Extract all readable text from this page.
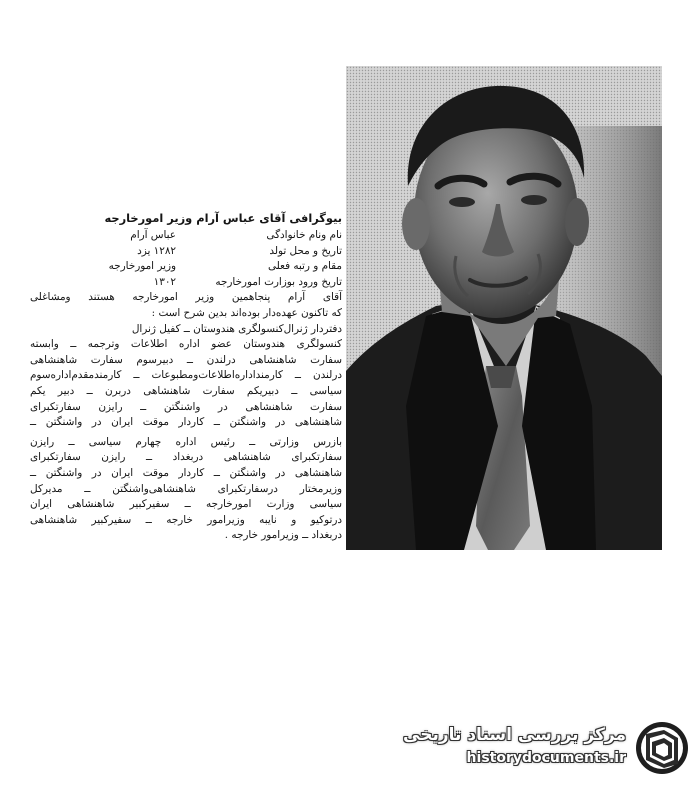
بیوگرافی آقای عباس آرام وزیر امورخارجه
نام ونام خانوادگی
عباس آرام
تاریخ و محل تولد
۱۲۸۲ یزد
مقام و رتبه فعلی
وزیر امورخارجه
تاریخ ورود بوزارت امورخارجه
۱۳۰۲
آقای آرام پنجاهمین وزیر امورخارجه هستند ومشاغلی
که تاکنون عهده‌دار بوده‌اند بدین شرح است :
دفتردار ژنرال‌کنسولگری هندوستان ــ کفیل ژنرال
کنسولگری هندوستان عضو اداره اطلاعات وترجمه ــ وابسته
سفارت شاهنشاهی درلندن ــ دبیرسوم سفارت شاهنشاهی
درلندن ــ کارمنداداره‌اطلاعات‌ومطبوعات ــ کارمندمقدم‌اداره‌سوم
سیاسی ــ دبیریکم سفارت شاهنشاهی دربرن ــ دبیر یکم
سفارت شاهنشاهی در واشنگتن ــ رایزن سفارتکبرای
شاهنشاهی در واشنگتن ــ کاردار موقت ایران در واشنگتن ــ
بازرس وزارتی ــ رئیس اداره چهارم سیاسی ــ رایزن
سفارتکبرای شاهنشاهی دربغداد ــ رایزن سفارتکبرای
شاهنشاهی در واشنگتن ــ کاردار موقت ایران در واشنگتن ــ
وزیرمختار درسفارتکبرای شاهنشاهی‌واشنگتن ــ مدیرکل
سیاسی وزارت امورخارجه ــ سفیرکبیر شاهنشاهی ایران
درتوکیو و نایبه وزیرامور خارجه ــ سفیرکبیر شاهنشاهی
دربغداد ــ وزیرامور خارجه .
مرکز بررسی اسناد تاریخی
historydocuments.ir
